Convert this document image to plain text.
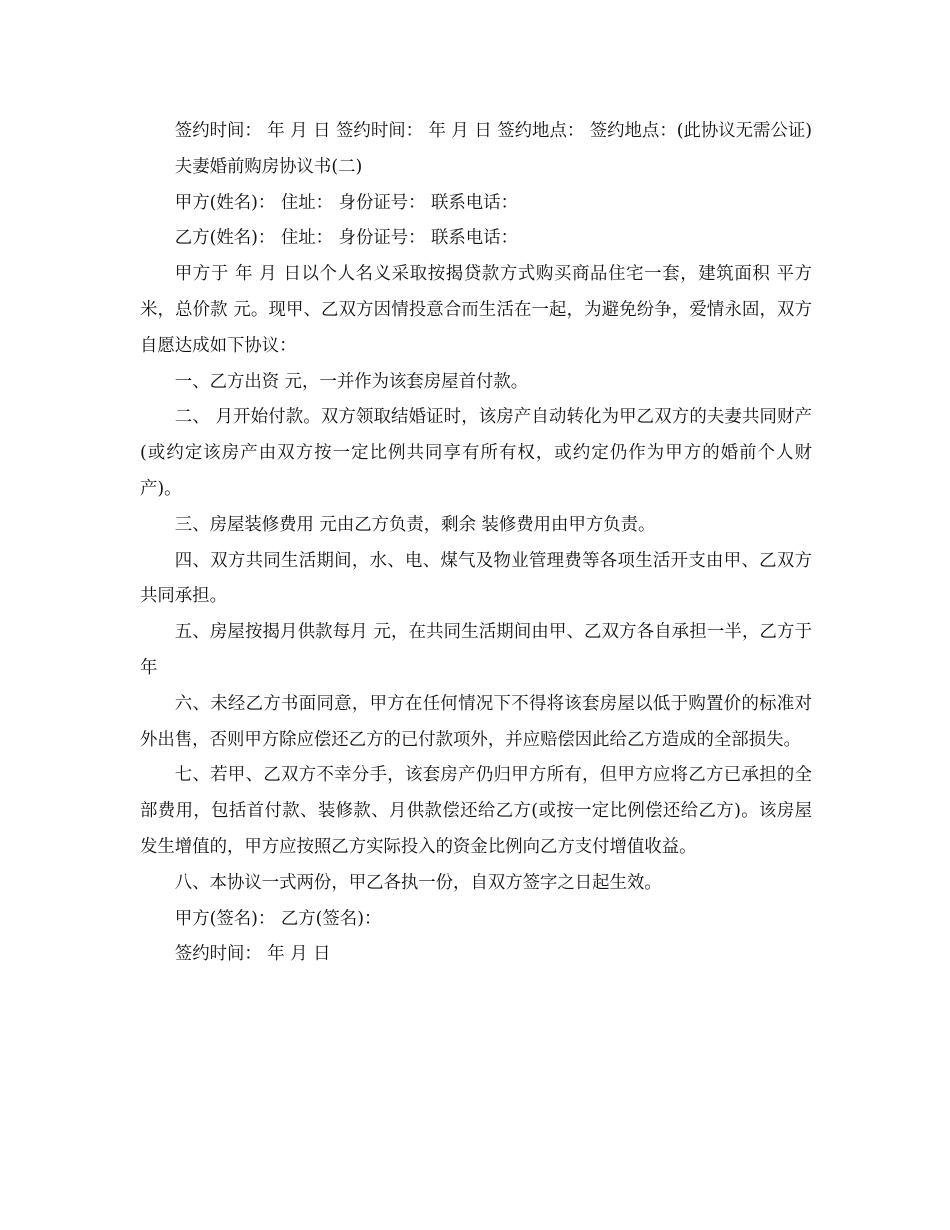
签约时间： 年 月 日 签约时间： 年 月 日 签约地点： 签约地点：(此协议无需公证)

夫妻婚前购房协议书(二)

甲方(姓名)： 住址： 身份证号： 联系电话：

乙方(姓名)： 住址： 身份证号： 联系电话：

甲方于 年 月 日以个人名义采取按揭贷款方式购买商品住宅一套，建筑面积 平方米，总价款 元。现甲、乙双方因情投意合而生活在一起，为避免纷争，爱情永固，双方自愿达成如下协议：

一、乙方出资 元，一并作为该套房屋首付款。

二、 月开始付款。双方领取结婚证时，该房产自动转化为甲乙双方的夫妻共同财产(或约定该房产由双方按一定比例共同享有所有权，或约定仍作为甲方的婚前个人财产)。

三、房屋装修费用 元由乙方负责，剩余 装修费用由甲方负责。

四、双方共同生活期间，水、电、煤气及物业管理费等各项生活开支由甲、乙双方共同承担。

五、房屋按揭月供款每月 元，在共同生活期间由甲、乙双方各自承担一半，乙方于 年

六、未经乙方书面同意，甲方在任何情况下不得将该套房屋以低于购置价的标准对外出售，否则甲方除应偿还乙方的已付款项外，并应赔偿因此给乙方造成的全部损失。

七、若甲、乙双方不幸分手，该套房产仍归甲方所有，但甲方应将乙方已承担的全部费用，包括首付款、装修款、月供款偿还给乙方(或按一定比例偿还给乙方)。该房屋发生增值的，甲方应按照乙方实际投入的资金比例向乙方支付增值收益。

八、本协议一式两份，甲乙各执一份，自双方签字之日起生效。

甲方(签名)： 乙方(签名)：

签约时间： 年 月 日
